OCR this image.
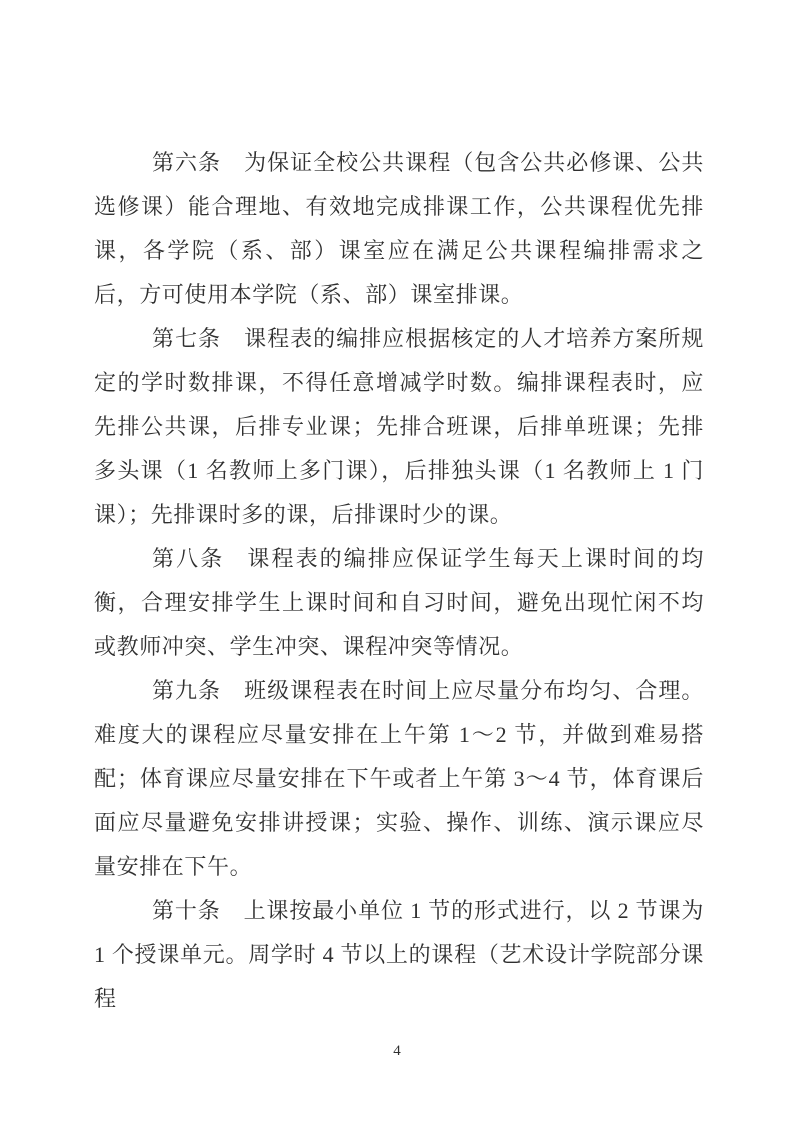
第六条 为保证全校公共课程（包含公共必修课、公共选修课）能合理地、有效地完成排课工作，公共课程优先排课，各学院（系、部）课室应在满足公共课程编排需求之后，方可使用本学院（系、部）课室排课。

第七条 课程表的编排应根据核定的人才培养方案所规定的学时数排课，不得任意增减学时数。编排课程表时，应先排公共课，后排专业课；先排合班课，后排单班课；先排多头课（1 名教师上多门课），后排独头课（1 名教师上 1 门课）；先排课时多的课，后排课时少的课。

第八条 课程表的编排应保证学生每天上课时间的均衡，合理安排学生上课时间和自习时间，避免出现忙闲不均或教师冲突、学生冲突、课程冲突等情况。

第九条 班级课程表在时间上应尽量分布均匀、合理。难度大的课程应尽量安排在上午第 1～2 节，并做到难易搭配；体育课应尽量安排在下午或者上午第 3～4 节，体育课后面应尽量避免安排讲授课；实验、操作、训练、演示课应尽量安排在下午。

第十条 上课按最小单位 1 节的形式进行，以 2 节课为 1 个授课单元。周学时 4 节以上的课程（艺术设计学院部分课程

4
